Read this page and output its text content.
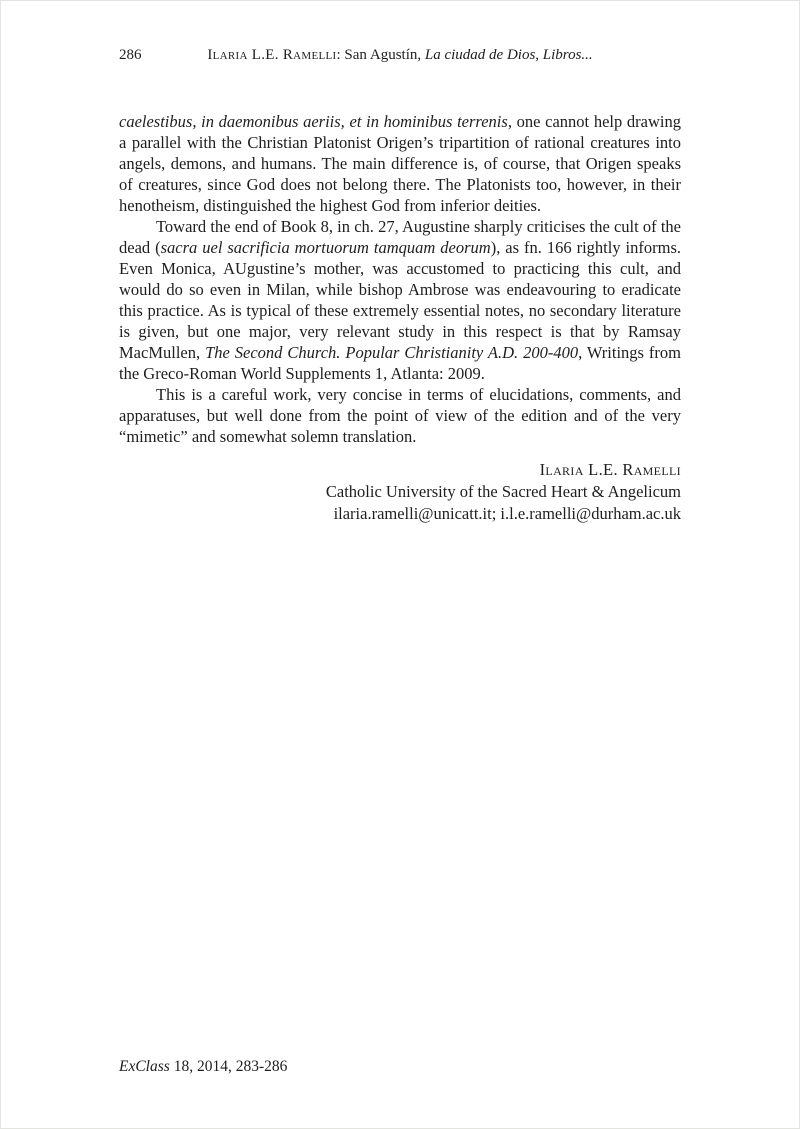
286	Ilaria L.E. Ramelli: San Agustín, La ciudad de Dios, Libros...

caelestibus, in daemonibus aeriis, et in hominibus terrenis, one cannot help drawing a parallel with the Christian Platonist Origen’s tripartition of rational creatures into angels, demons, and humans. The main difference is, of course, that Origen speaks of creatures, since God does not belong there. The Platonists too, however, in their henotheism, distinguished the highest God from inferior deities.

Toward the end of Book 8, in ch. 27, Augustine sharply criticises the cult of the dead (sacra uel sacrificia mortuorum tamquam deorum), as fn. 166 rightly informs. Even Monica, AUgustine’s mother, was accustomed to practicing this cult, and would do so even in Milan, while bishop Ambrose was endeavouring to eradicate this practice. As is typical of these extremely essential notes, no secondary literature is given, but one major, very relevant study in this respect is that by Ramsay MacMullen, The Second Church. Popular Christianity A.D. 200-400, Writings from the Greco-Roman World Supplements 1, Atlanta: 2009.

This is a careful work, very concise in terms of elucidations, comments, and apparatuses, but well done from the point of view of the edition and of the very “mimetic” and somewhat solemn translation.

Ilaria L.E. Ramelli
Catholic University of the Sacred Heart & Angelicum
ilaria.ramelli@unicatt.it; i.l.e.ramelli@durham.ac.uk
ExClass 18, 2014, 283-286
